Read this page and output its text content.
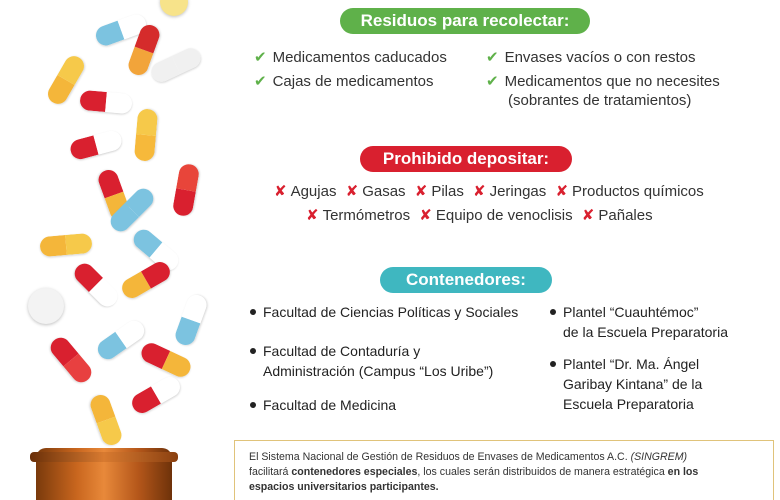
Residuos para recolectar:
✔ Medicamentos caducados
✔ Cajas de medicamentos
✔ Envases vacíos o con restos
✔ Medicamentos que no necesites
(sobrantes de tratamientos)
Prohibido depositar:
✘ Agujas ✘ Gasas ✘ Pilas ✘ Jeringas ✘ Productos químicos
✘ Termómetros ✘ Equipo de venoclisis ✘ Pañales
Contenedores:
Facultad de Ciencias Políticas y Sociales
Facultad de Contaduría y
Administración (Campus “Los Uribe”)
Facultad de Medicina
Plantel “Cuauhtémoc”
de la Escuela Preparatoria
Plantel “Dr. Ma. Ángel
Garibay Kintana” de la
Escuela Preparatoria
El Sistema Nacional de Gestión de Residuos de Envases de Medicamentos A.C. (SINGREM)
facilitará contenedores especiales, los cuales serán distribuidos de manera estratégica en los
espacios universitarios participantes.
